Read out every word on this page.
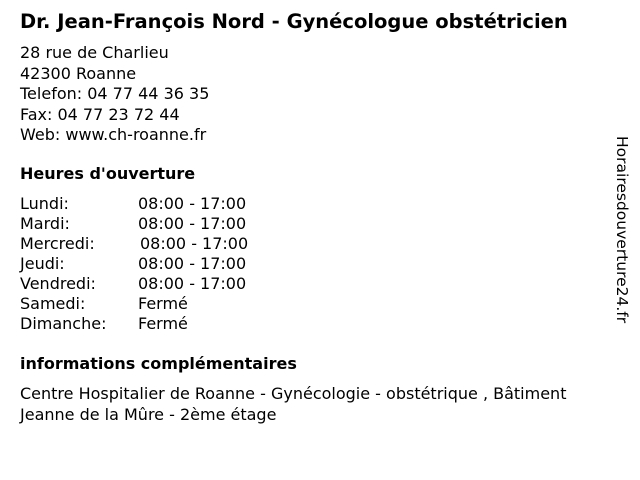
Dr. Jean-François Nord - Gynécologue obstétricien
28 rue de Charlieu
42300 Roanne
Telefon: 04 77 44 36 35
Fax: 04 77 23 72 44
Web: www.ch-roanne.fr
Heures d'ouverture
Lundi:	08:00 - 17:00
Mardi:	08:00 - 17:00
Mercredi:	08:00 - 17:00
Jeudi:	08:00 - 17:00
Vendredi:	08:00 - 17:00
Samedi:	Fermé
Dimanche: Fermé
informations complémentaires
Centre Hospitalier de Roanne - Gynécologie - obstétrique , Bâtiment Jeanne de la Mûre - 2ème étage
Horairesdouverture24.fr
